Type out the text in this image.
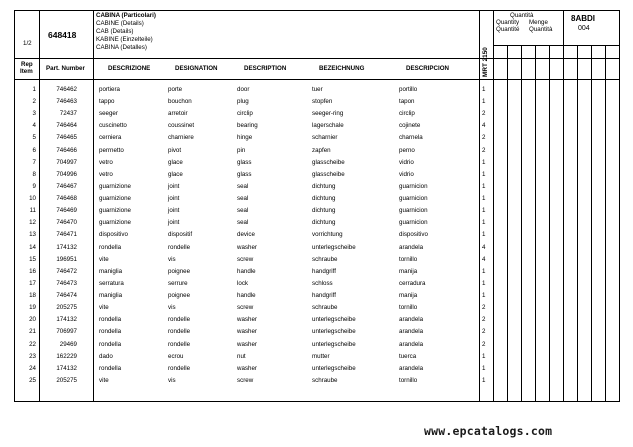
1/2
648418
CABINA (Particolari)
CABINE (Details)
CAB (Details)
KABINE (Einzelteile)
CABINA (Detalles)
Quantità
Quantity
Quantité
Menge
Quantità
8ABDI
004
MRT 2150
Rep
Item Part. Number	DESCRIZIONE	DESIGNATION	DESCRIPTION	BEZEICHNUNG	DESCRIPCION
1	746462	portiera	porte	door	tuer	portillo	1
2	746463	tappo	bouchon	plug	stopfen	tapon	1
3	72437	seeger	arretoir	circlip	seeger-ring	circlip	2
4	746464	cuscinetto	coussinet	bearing	lagerschale	cojinete	4
5	746465	cerniera	charniere	hinge	scharnier	charnela	2
6	746466	perrnetto	pivot	pin	zapfen	perno	2
7	704997	vetro	glace	glass	glasscheibe	vidrio	1
8	704996	vetro	glace	glass	glasscheibe	vidrio	1
9	746467	guarnizione	joint	seal	dichtung	guarnicion	1
10	746468	guarnizione	joint	seal	dichtung	guarnicion	1
11	746469	guarnizione	joint	seal	dichtung	guarnicion	1
12	746470	guarnizione	joint	seal	dichtung	guarnicion	1
13	746471	dispositivo	dispositif	device	vorrichtung	dispositivo	1
14	174132	rondella	rondelle	washer	unterlegscheibe	arandela	4
15	196951	vite	vis	screw	schraube	tornillo	4
16	746472	maniglia	poignee	handle	handgriff	manija	1
17	746473	serratura	serrure	lock	schloss	cerradura	1
18	746474	maniglia	poignee	handle	handgriff	manija	1
19	205275	vite	vis	screw	schraube	tornillo	2
20	174132	rondella	rondelle	washer	unterlegscheibe	arandela	2
21	706997	rondella	rondelle	washer	unterlegscheibe	arandela	2
22	29469	rondella	rondelle	washer	unterlegscheibe	arandela	2
23	162229	dado	ecrou	nut	mutter	tuerca	1
24	174132	rondella	rondelle	washer	unterlegscheibe	arandela	1
25	205275	vite	vis	screw	schraube	tornillo	1
www.epcatalogs.com
